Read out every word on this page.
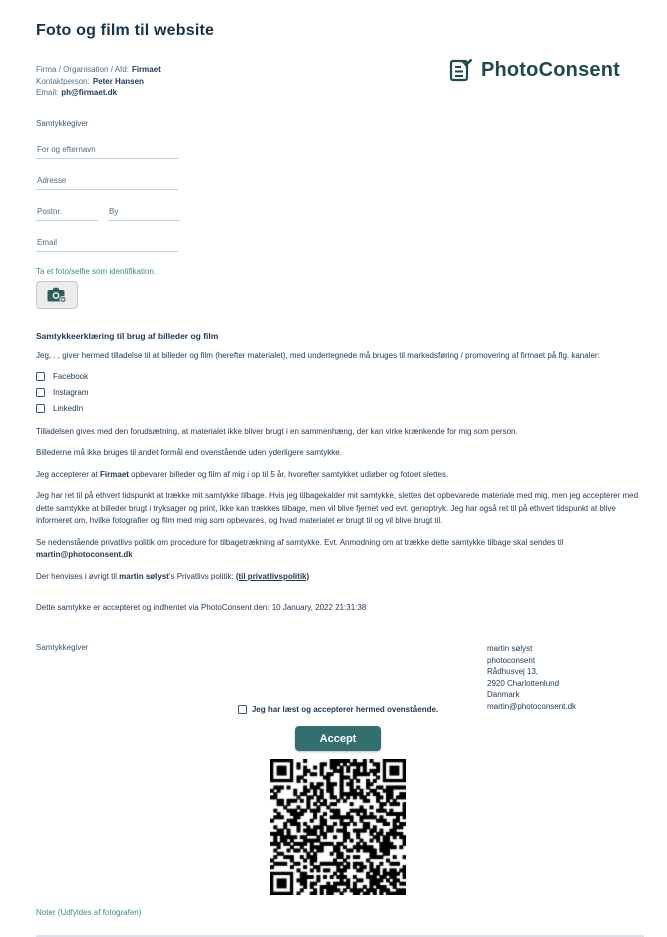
PhotoConsent
Foto og film til website
Firma / Organisation / Afd: Firmaet
Kontaktperson: Peter Hansen
Email: ph@firmaet.dk
Samtykkegiver
For og efternavn
Adresse
Postnr.
By
Email
Ta et foto/selfie som identifikation.
Samtykkeerklæring til brug af billeder og film
Jeg, . , giver hermed tilladelse til at billeder og film (herefter materialet), med undertegnede må bruges til markedsføring / promovering af firmaet på flg. kanaler:
Facebook
Instagram
LinkedIn
Tilladelsen gives med den forudsætning, at materialet ikke bliver brugt i en sammenhæng, der kan virke krænkende for mig som person.
Billederne må ikke bruges til andet formål end ovenstående uden yderligere samtykke.
Jeg accepterer at Firmaet opbevarer billeder og film af mig i op til 5 år, hvorefter samtykket udløber og fotoet slettes.
Jeg har ret til på ethvert tidspunkt at trække mit samtykke tilbage. Hvis jeg tilbagekalder mit samtykke, slettes det opbevarede materiale med mig, men jeg accepterer med dette samtykke at billeder brugt i tryksager og print, ikke kan trækkes tilbage, men vil blive fjernet ved evt. genoptryk. Jeg har også ret til på ethvert tidspunkt at blive informeret om, hvilke fotografier og film med mig som opbevares, og hvad materialet er brugt til og vil blive brugt til.
Se nedenstående privatlivs politik om procedure for tilbagetrækning af samtykke. Evt. Anmodning om at trække dette samtykke tilbage skal sendes til martin@photoconsent.dk
Der henvises i øvrigt til martin sølyst's Privatlivs politik: (til privatlivspolitik)
Dette samtykke er accepteret og indhentet via PhotoConsent den: 10 January, 2022 21:31:38
Samtykkegiver	martin sølyst
photoconsent
Rådhusvej 13,
2920 Charlottenlund
Danmark
martin@photoconsent.dk
Jeg har læst og accepterer hermed ovenstående.
Accept
Noter (Udfyldes af fotografen)
